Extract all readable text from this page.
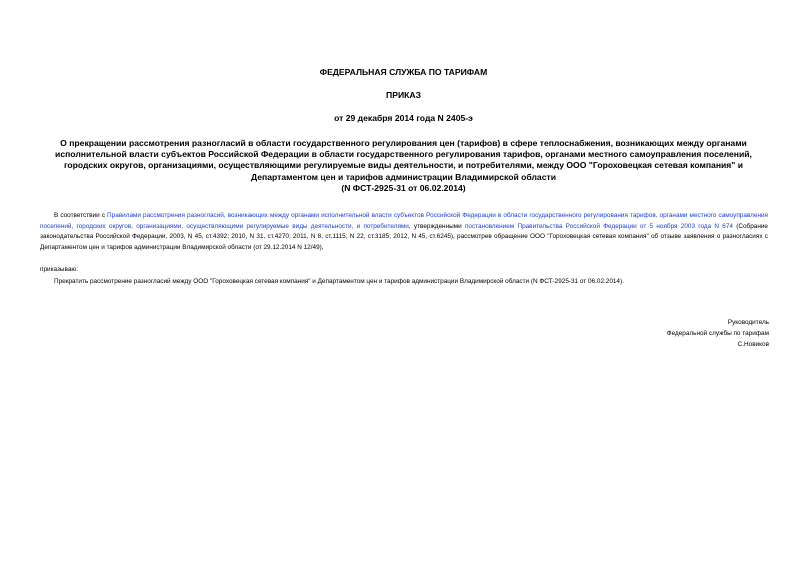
ФЕДЕРАЛЬНАЯ СЛУЖБА ПО ТАРИФАМ
ПРИКАЗ
от 29 декабря 2014 года N 2405-э
О прекращении рассмотрения разногласий в области государственного регулирования цен (тарифов) в сфере теплоснабжения, возникающих между органами исполнительной власти субъектов Российской Федерации в области государственного регулирования тарифов, органами местного самоуправления поселений, городских округов, организациями, осуществляющими регулируемые виды деятельности, и потребителями, между ООО "Гороховецкая сетевая компания" и Департаментом цен и тарифов администрации Владимирской области
(N ФСТ-2925-31 от 06.02.2014)
В соответствии с Правилами рассмотрения разногласий, возникающих между органами исполнительной власти субъектов Российской Федерации в области государственного регулирования тарифов, органами местного самоуправления поселений, городских округов, организациями, осуществляющими регулируемые виды деятельности, и потребителями, утвержденными постановлением Правительства Российской Федерации от 5 ноября 2003 года N 674 (Собрание законодательства Российской Федерации, 2003, N 45, ст.4392; 2010, N 31, ст.4270; 2011, N 8, ст.1115; N 22, ст.3185; 2012, N 45, ст.6245), рассмотрев обращение ООО "Гороховецкая сетевая компания" об отзыве заявления о разногласиях с Департаментом цен и тарифов администрации Владимирской области (от 29.12.2014 N 12/49),
приказываю:
Прекратить рассмотрение разногласий между ООО "Гороховецкая сетевая компания" и Департаментом цен и тарифов администрации Владимирской области (N ФСТ-2925-31 от 06.02.2014).
Руководитель
Федеральной службы по тарифам
С.Новиков
